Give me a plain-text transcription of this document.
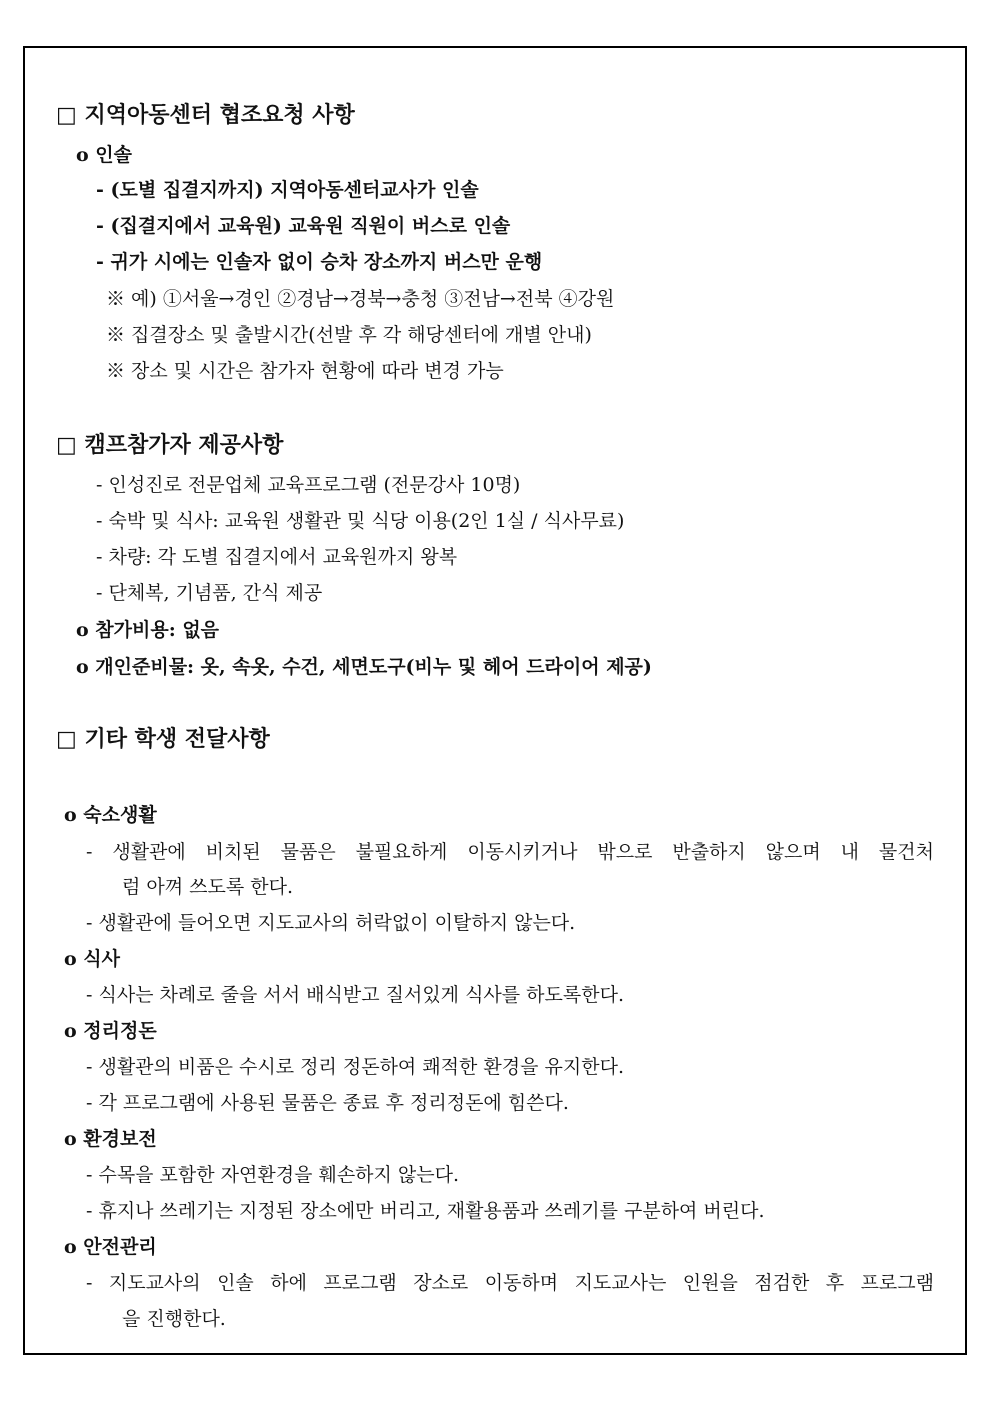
□ 지역아동센터 협조요청 사항
o 인솔
- (도별 집결지까지) 지역아동센터교사가 인솔
- (집결지에서 교육원) 교육원 직원이 버스로 인솔
- 귀가 시에는 인솔자 없이 승차 장소까지 버스만 운행
※ 예) ①서울→경인 ②경남→경북→충청 ③전남→전북 ④강원
※ 집결장소 및 출발시간(선발 후 각 해당센터에 개별 안내)
※ 장소 및 시간은 참가자 현황에 따라 변경 가능
□ 캠프참가자 제공사항
- 인성진로 전문업체 교육프로그램 (전문강사 10명)
- 숙박 및 식사: 교육원 생활관 및 식당 이용(2인 1실 / 식사무료)
- 차량: 각 도별 집결지에서 교육원까지 왕복
- 단체복, 기념품, 간식 제공
o 참가비용: 없음
o 개인준비물: 옷, 속옷, 수건, 세면도구(비누 및 헤어 드라이어 제공)
□ 기타 학생 전달사항
o 숙소생활
- 생활관에 비치된 물품은 불필요하게 이동시키거나 밖으로 반출하지 않으며 내 물건처
럼 아껴 쓰도록 한다.
- 생활관에 들어오면 지도교사의 허락없이 이탈하지 않는다.
o 식사
- 식사는 차례로 줄을 서서 배식받고 질서있게 식사를 하도록한다.
o 정리정돈
- 생활관의 비품은 수시로 정리 정돈하여 쾌적한 환경을 유지한다.
- 각 프로그램에 사용된 물품은 종료 후 정리정돈에 힘쓴다.
o 환경보전
- 수목을 포함한 자연환경을 훼손하지 않는다.
- 휴지나 쓰레기는 지정된 장소에만 버리고, 재활용품과 쓰레기를 구분하여 버린다.
o 안전관리
- 지도교사의 인솔 하에 프로그램 장소로 이동하며 지도교사는 인원을 점검한 후 프로그램
을 진행한다.
